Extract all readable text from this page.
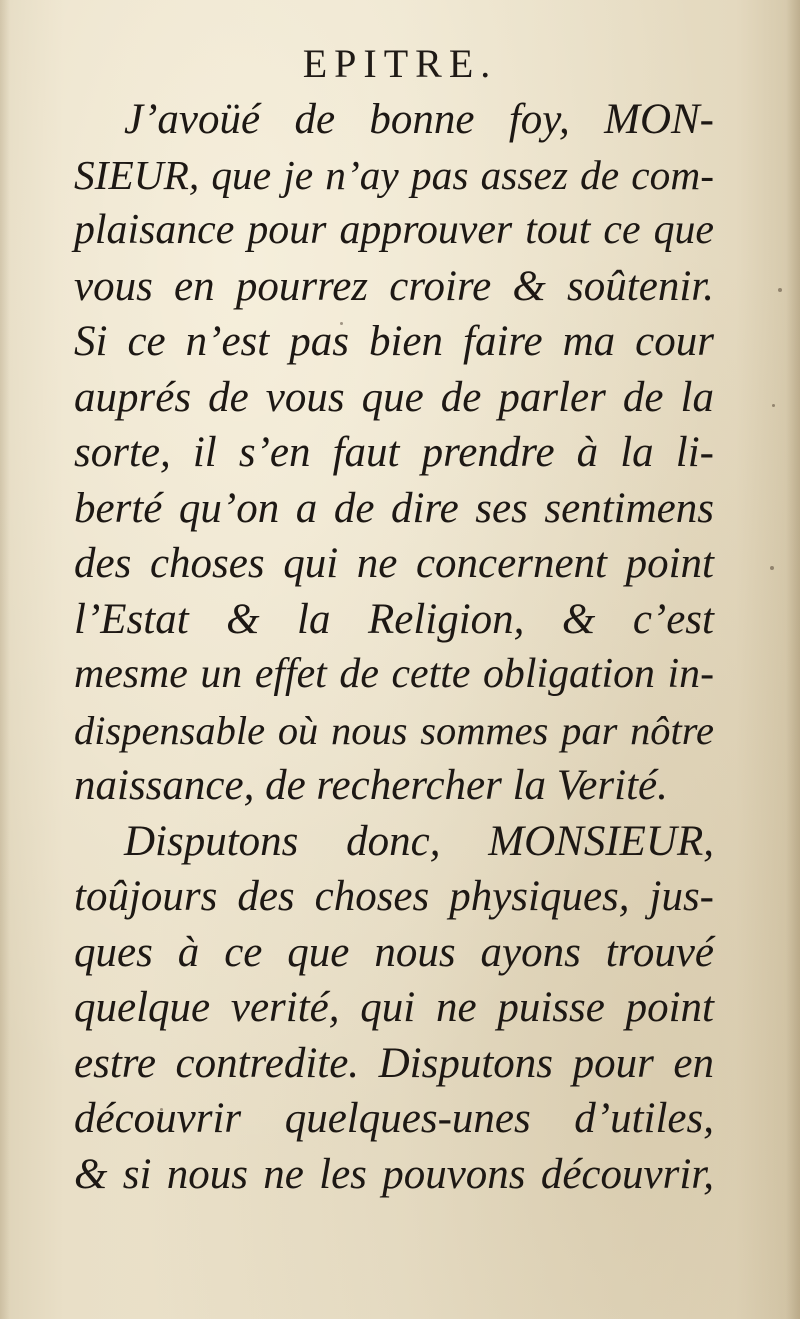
EPITRE.
J’avoüé de bonne foy, MON-
SIEUR, que je n’ay pas assez de com-
plaisance pour approuver tout ce que
vous en pourrez croire & soûtenir.
Si ce n’est pas bien faire ma cour
auprés de vous que de parler de la
sorte, il s’en faut prendre à la li-
berté qu’on a de dire ses sentimens
des choses qui ne concernent point
l’Estat & la Religion, & c’est
mesme un effet de cette obligation in-
dispensable où nous sommes par nôtre
naissance, de rechercher la Verité.
Disputons donc, MONSIEUR,
toûjours des choses physiques, jus-
ques à ce que nous ayons trouvé
quelque verité, qui ne puisse point
estre contredite. Disputons pour en
découvrir quelques-unes d’utiles,
& si nous ne les pouvons découvrir,
